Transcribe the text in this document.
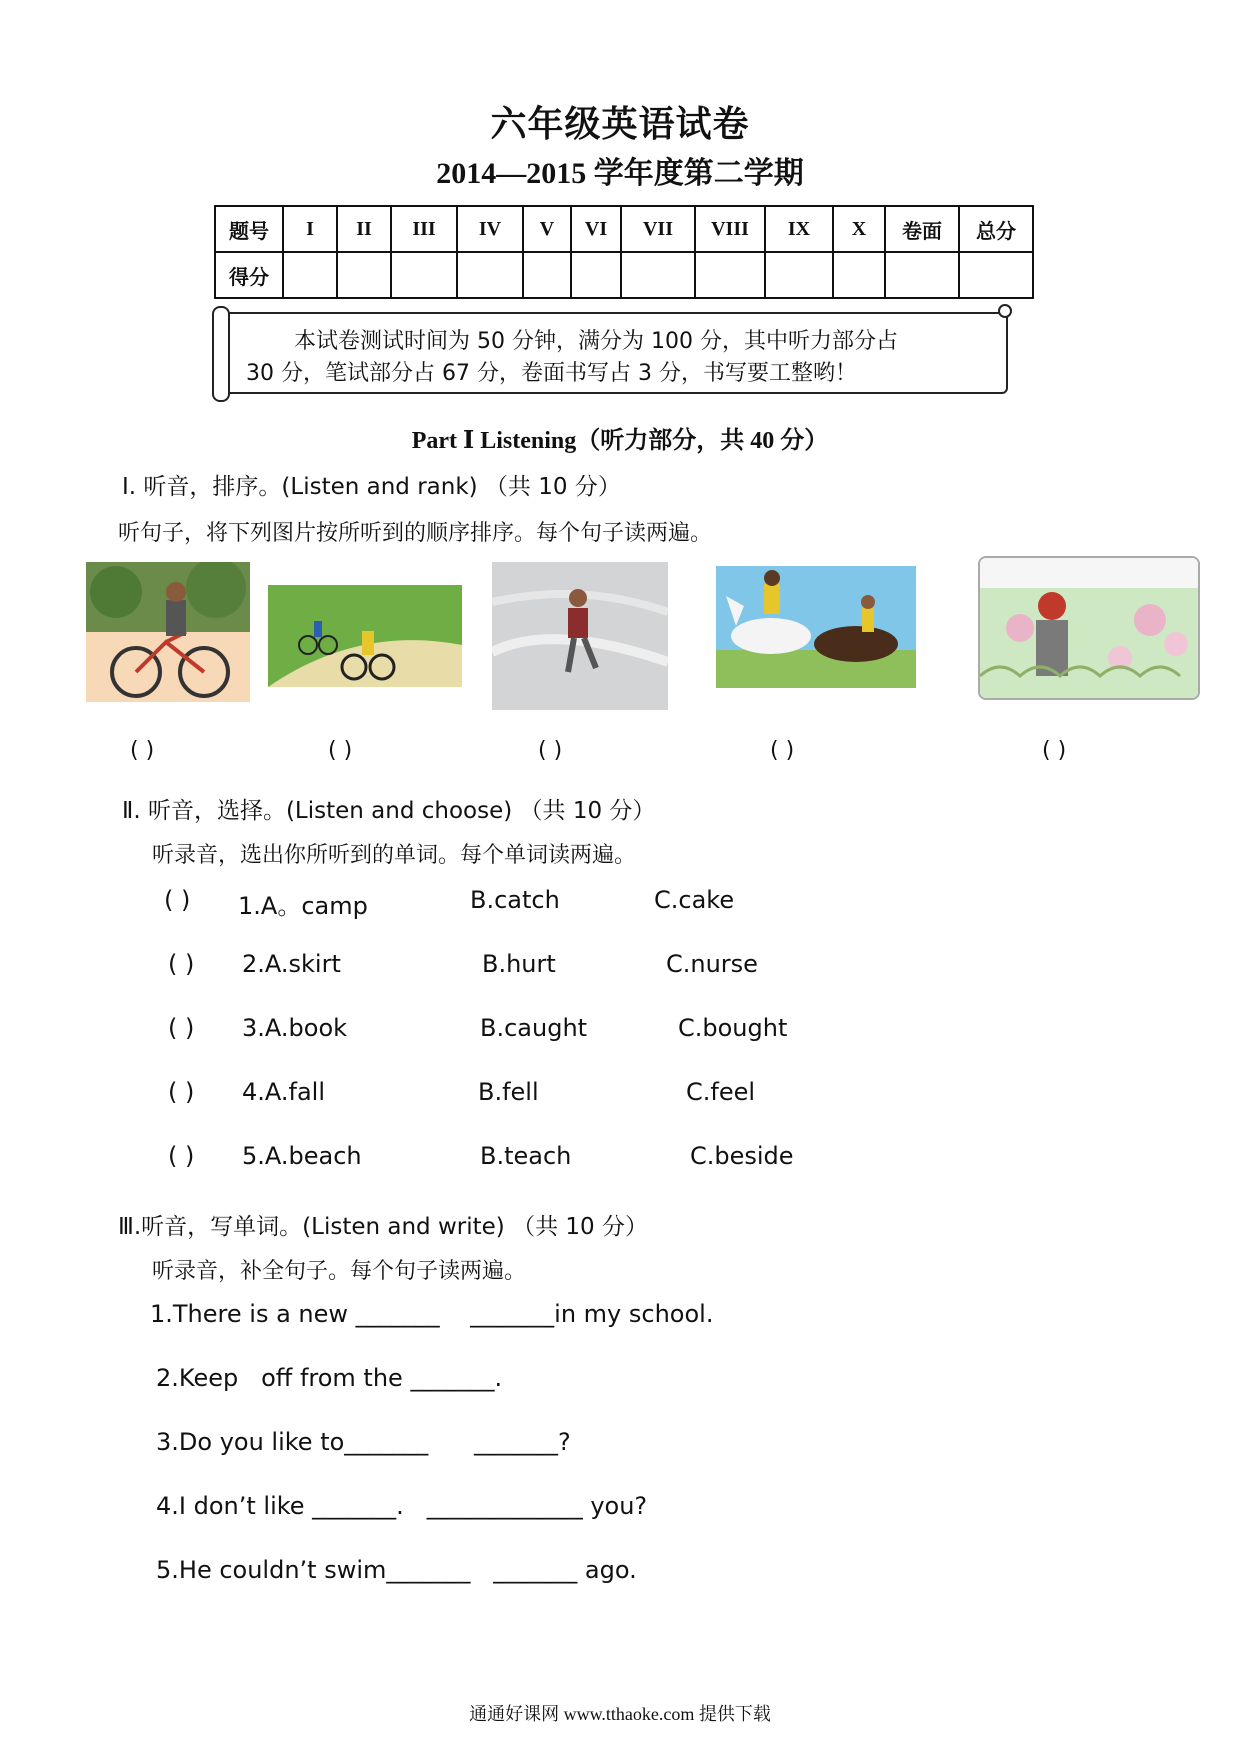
六年级英语试卷
2014—2015 学年度第二学期
题号	I	II	III	IV	V	VI	VII	VIII	IX	X	卷面	总分
得分												
本试卷测试时间为 50 分钟，满分为 100 分，其中听力部分占
30 分，笔试部分占 67 分，卷面书写占 3 分，书写要工整哟！
Part Ⅰ Listening（听力部分，共 40 分）
Ⅰ. 听音，排序。(Listen and rank) （共 10 分）
听句子，将下列图片按所听到的顺序排序。每个句子读两遍。
( )	( )	( )	( )	( )
Ⅱ. 听音，选择。(Listen and choose) （共 10 分）
听录音，选出你所听到的单词。每个单词读两遍。
( ) 1.A。camp	B.catch	C.cake
( ) 2.A.skirt	B.hurt	C.nurse
( ) 3.A.book	B.caught	C.bought
( ) 4.A.fall	B.fell	C.feel
( ) 5.A.beach	B.teach	C.beside
Ⅲ.听音，写单词。(Listen and write) （共 10 分）
听录音，补全句子。每个句子读两遍。
1.There is a new _______    _______in my school.
2.Keep   off from the _______.
3.Do you like to_______      _______?
4.I don’t like _______.   _____________ you?
5.He couldn’t swim_______   _______ ago.
通通好课网 www.tthaoke.com 提供下载
